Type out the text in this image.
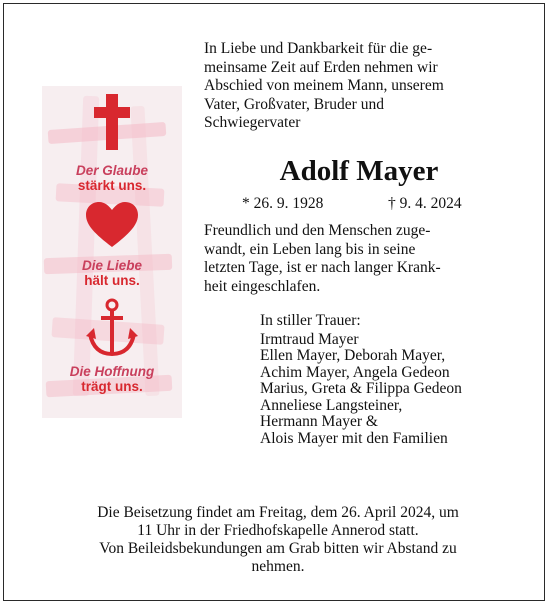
Der Glaube
stärkt uns.
Die Liebe
hält uns.
Die Hoffnung
trägt uns.
In Liebe und Dankbarkeit für die ge-
meinsame Zeit auf Erden nehmen wir
Abschied von meinem Mann, unserem
Vater, Großvater, Bruder und
Schwiegervater
Adolf Mayer
* 26. 9. 1928	† 9. 4. 2024
Freundlich und den Menschen zuge-
wandt, ein Leben lang bis in seine
letzten Tage, ist er nach langer Krank-
heit eingeschlafen.
In stiller Trauer:
Irmtraud Mayer
Ellen Mayer, Deborah Mayer,
Achim Mayer, Angela Gedeon
Marius, Greta & Filippa Gedeon
Anneliese Langsteiner,
Hermann Mayer &
Alois Mayer mit den Familien
Die Beisetzung findet am Freitag, dem 26. April 2024, um
11 Uhr in der Friedhofskapelle Annerod statt.
Von Beileidsbekundungen am Grab bitten wir Abstand zu
nehmen.
